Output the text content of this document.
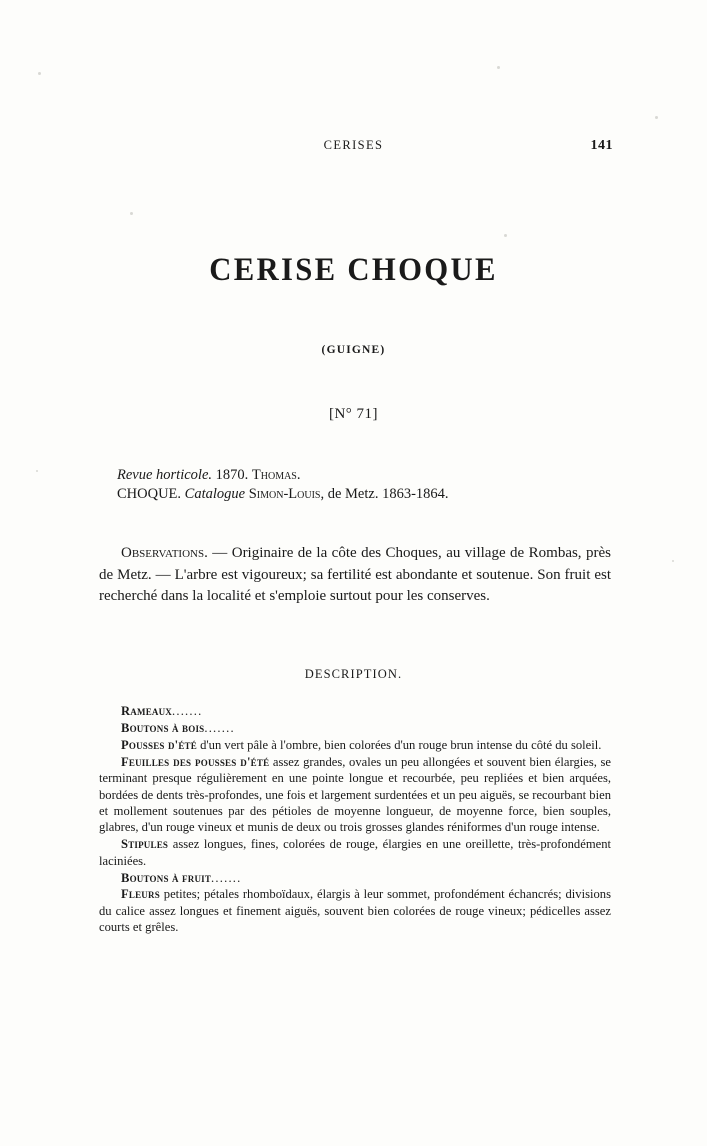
CERISES	141
CERISE CHOQUE
(GUIGNE)
[N° 71]
Revue horticole. 1870. Thomas.
CHOQUE. Catalogue Simon-Louis, de Metz. 1863-1864.
Observations. — Originaire de la côte des Choques, au village de Rombas, près de Metz. — L'arbre est vigoureux; sa fertilité est abondante et soutenue. Son fruit est recherché dans la localité et s'emploie surtout pour les conserves.
DESCRIPTION.

Rameaux.......

Boutons à bois.......

Pousses d'été d'un vert pâle à l'ombre, bien colorées d'un rouge brun intense du côté du soleil.

Feuilles des pousses d'été assez grandes, ovales un peu allongées et souvent bien élargies, se terminant presque régulièrement en une pointe longue et recourbée, peu repliées et bien arquées, bordées de dents très-profondes, une fois et largement surdentées et un peu aiguës, se recourbant bien et mollement soutenues par des pétioles de moyenne longueur, de moyenne force, bien souples, glabres, d'un rouge vineux et munis de deux ou trois grosses glandes réniformes d'un rouge intense.

Stipules assez longues, fines, colorées de rouge, élargies en une oreillette, très-profondément laciniées.

Boutons à fruit.......

Fleurs petites; pétales rhomboïdaux, élargis à leur sommet, profondément échancrés; divisions du calice assez longues et finement aiguës, souvent bien colorées de rouge vineux; pédicelles assez courts et grêles.
